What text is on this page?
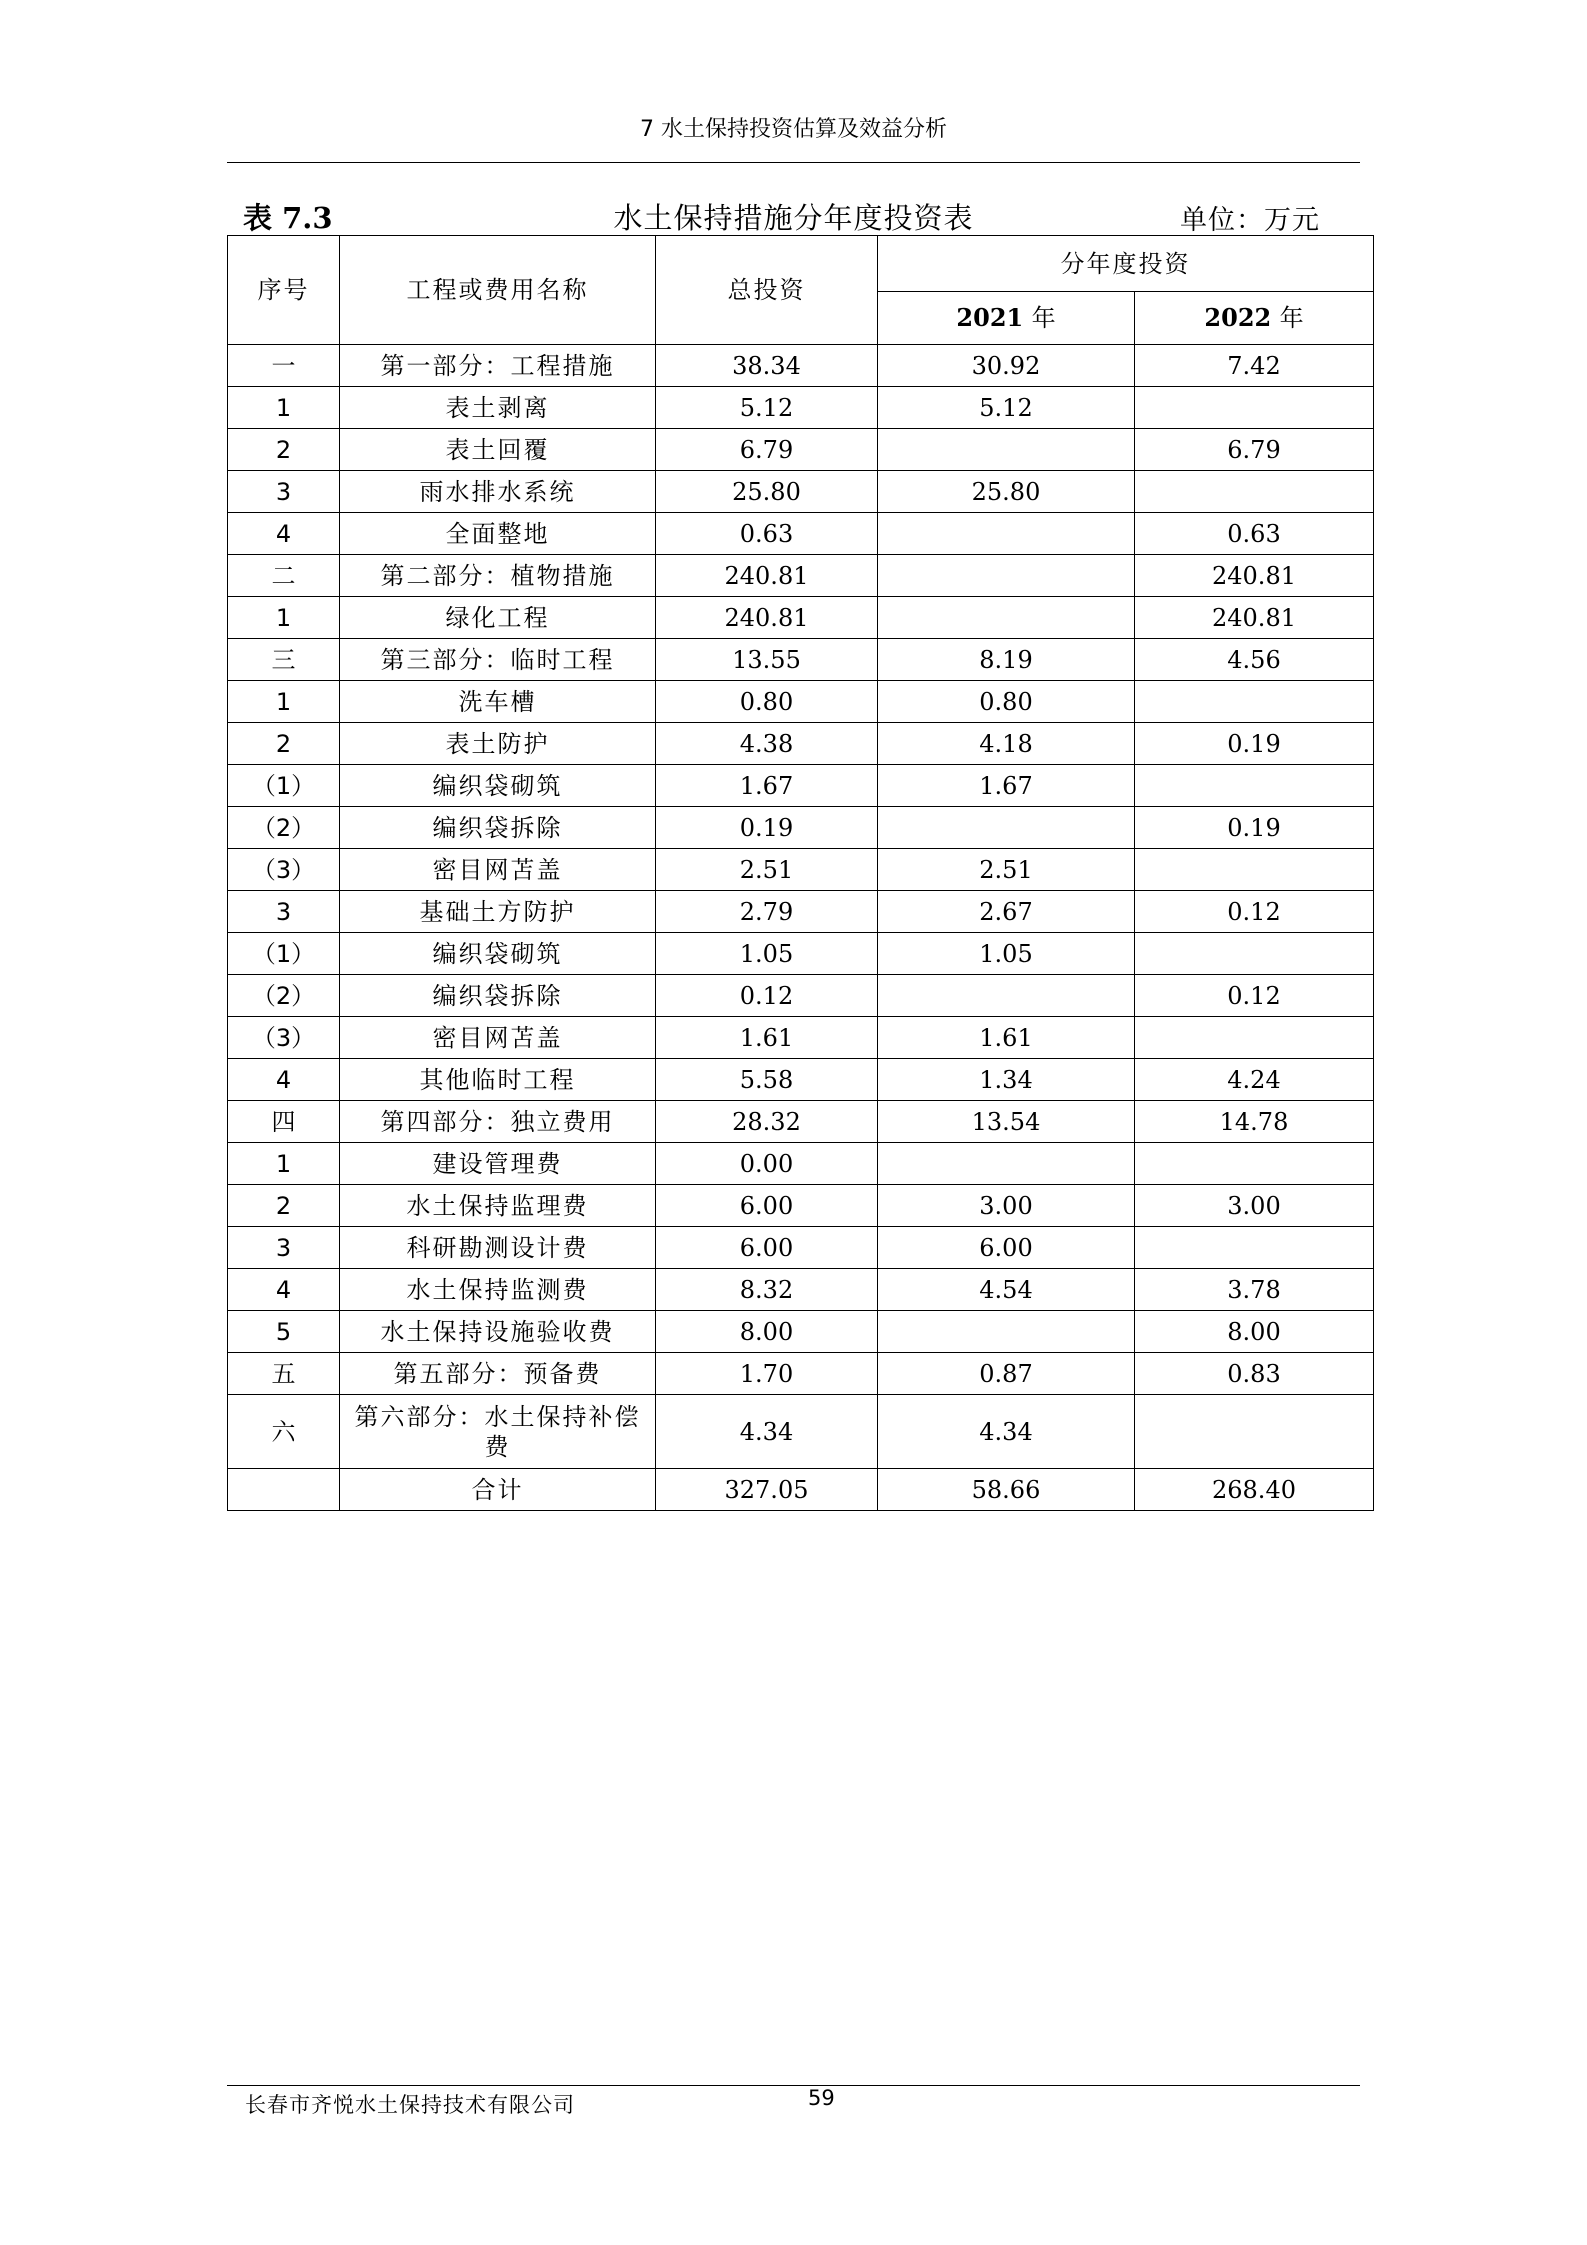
7 水土保持投资估算及效益分析
表 7.3	水土保持措施分年度投资表	单位：万元
序号	工程或费用名称	总投资	分年度投资	
			2021 年	2022 年
一	第一部分：工程措施	38.34	30.92	7.42
1	表土剥离	5.12	5.12	
2	表土回覆	6.79		6.79
3	雨水排水系统	25.80	25.80	
4	全面整地	0.63		0.63
二	第二部分：植物措施	240.81		240.81
1	绿化工程	240.81		240.81
三	第三部分：临时工程	13.55	8.19	4.56
1	洗车槽	0.80	0.80	
2	表土防护	4.38	4.18	0.19
（1）	编织袋砌筑	1.67	1.67	
（2）	编织袋拆除	0.19		0.19
（3）	密目网苫盖	2.51	2.51	
3	基础土方防护	2.79	2.67	0.12
（1）	编织袋砌筑	1.05	1.05	
（2）	编织袋拆除	0.12		0.12
（3）	密目网苫盖	1.61	1.61	
4	其他临时工程	5.58	1.34	4.24
四	第四部分：独立费用	28.32	13.54	14.78
1	建设管理费	0.00		
2	水土保持监理费	6.00	3.00	3.00
3	科研勘测设计费	6.00	6.00	
4	水土保持监测费	8.32	4.54	3.78
5	水土保持设施验收费	8.00		8.00
五	第五部分：预备费	1.70	0.87	0.83
六	第六部分：水土保持补偿费	4.34	4.34	
	合计	327.05	58.66	268.40
长春市齐悦水土保持技术有限公司	59
